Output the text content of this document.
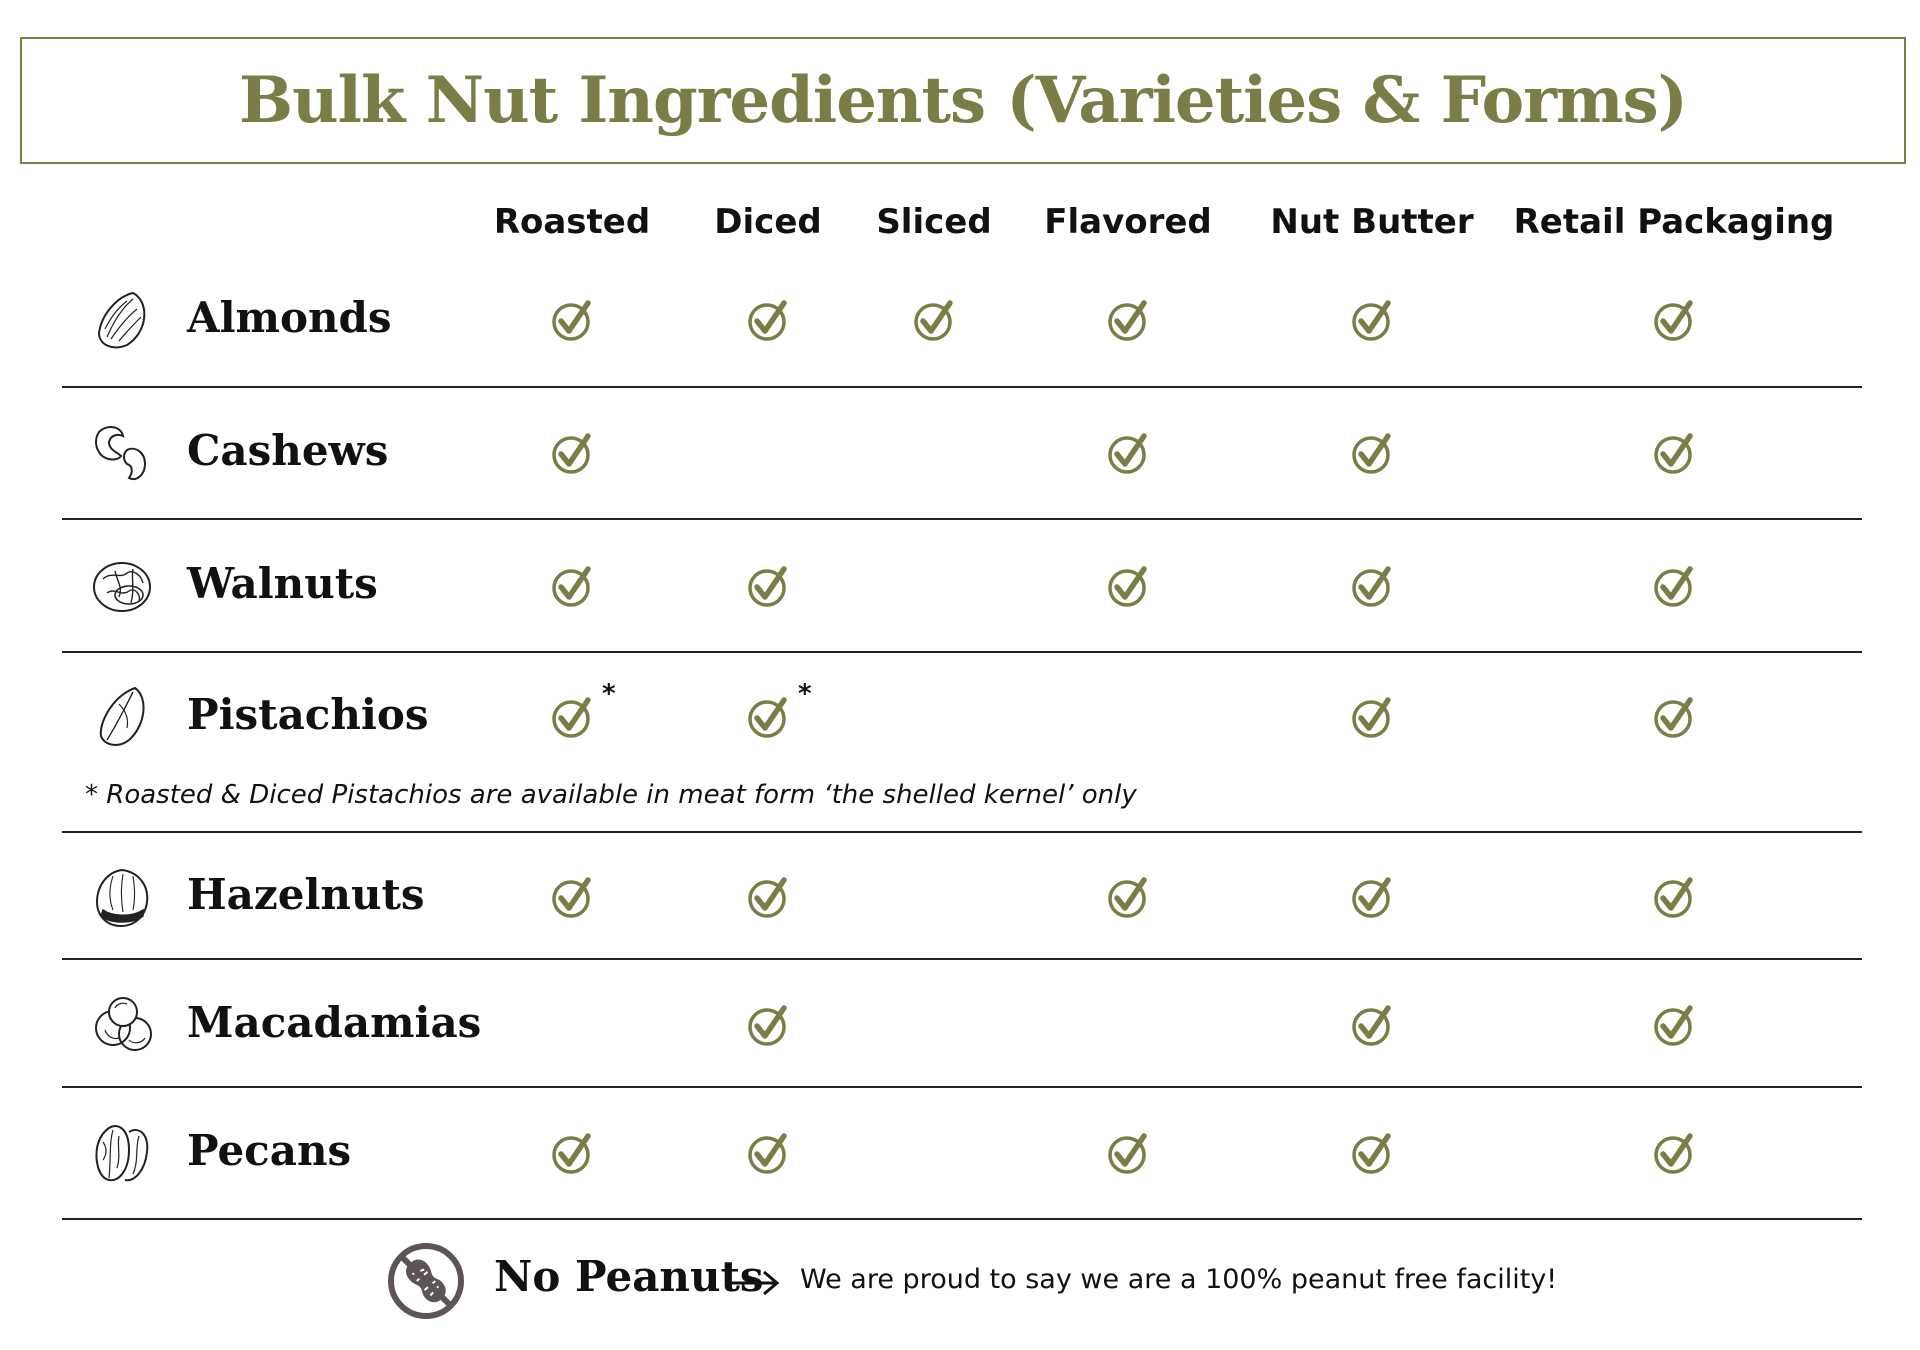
Bulk Nut Ingredients (Varieties & Forms)
Roasted Diced Sliced Flavored Nut Butter Retail Packaging
Almonds
Cashews
Walnuts
Pistachios	*	*
Hazelnuts
Macadamias
Pecans
* Roasted & Diced Pistachios are available in meat form ‘the shelled kernel’ only
No Peanuts We are proud to say we are a 100% peanut free facility!
